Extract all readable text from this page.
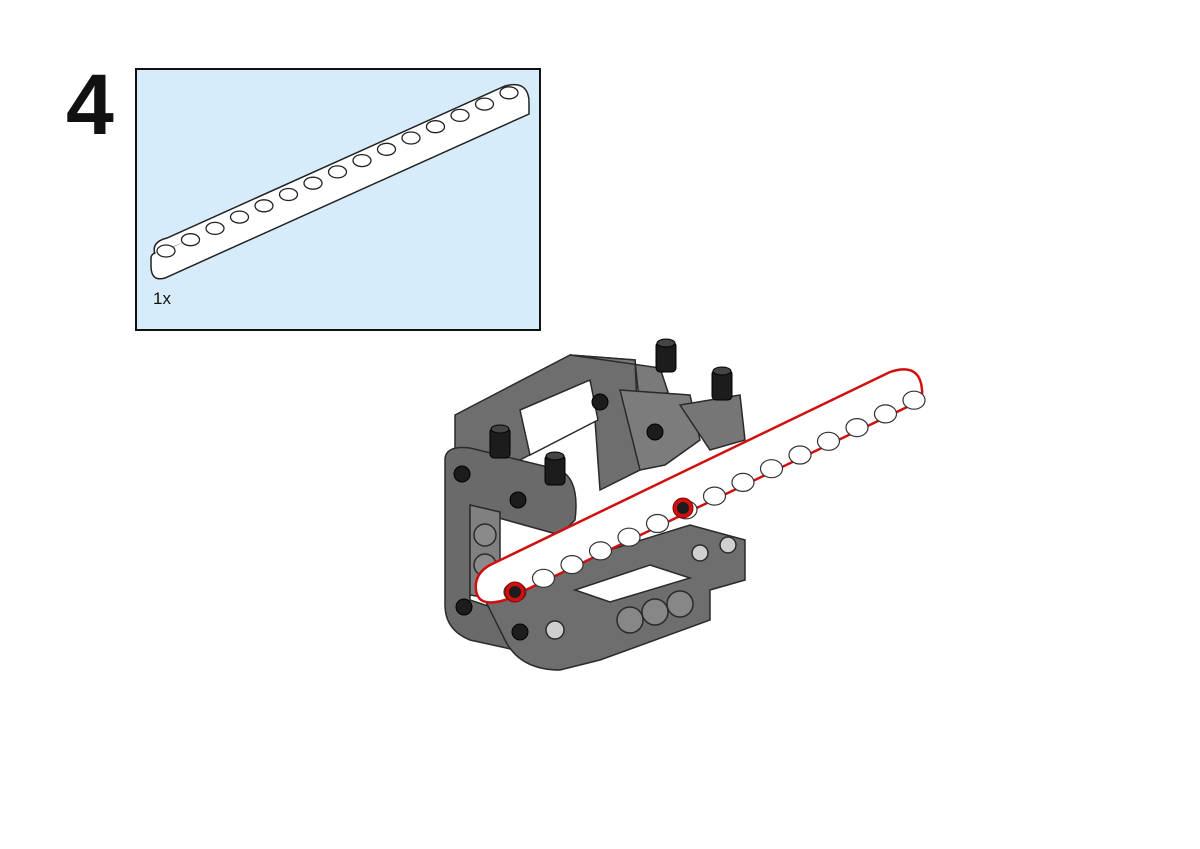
4
1x
